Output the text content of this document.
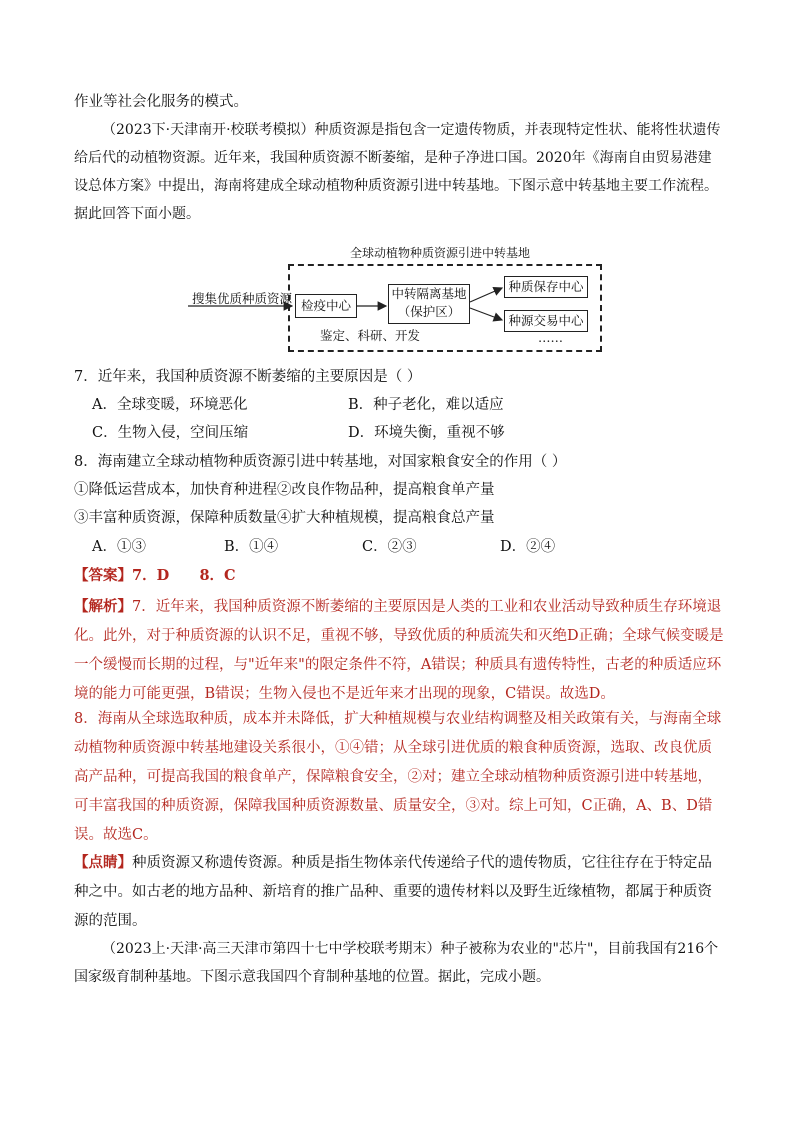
作业等社会化服务的模式。

（2023下·天津南开·校联考模拟）种质资源是指包含一定遗传物质，并表现特定性状、能将性状遗传给后代的动植物资源。近年来，我国种质资源不断萎缩，是种子净进口国。2020年《海南自由贸易港建设总体方案》中提出，海南将建成全球动植物种质资源引进中转基地。下图示意中转基地主要工作流程。据此回答下面小题。

全球动植物种质资源引进中转基地
搜集优质种质资源 检疫中心
中转隔离基地
（保护区）
种质保存中心
种源交易中心
鉴定、科研、开发	……

7．近年来，我国种质资源不断萎缩的主要原因是（ ）

A．全球变暖，环境恶化	B．种子老化，难以适应
C．生物入侵，空间压缩	D．环境失衡，重视不够

8．海南建立全球动植物种质资源引进中转基地，对国家粮食安全的作用（ ）

①降低运营成本，加快育种进程②改良作物品种，提高粮食单产量

③丰富种质资源，保障种质数量④扩大种植规模，提高粮食总产量

A．①③	B．①④	C．②③	D．②④

【答案】7．D      8．C

【解析】7．近年来，我国种质资源不断萎缩的主要原因是人类的工业和农业活动导致种质生存环境退化。此外，对于种质资源的认识不足，重视不够，导致优质的种质流失和灭绝D正确；全球气候变暖是一个缓慢而长期的过程，与"近年来"的限定条件不符，A错误；种质具有遗传特性，古老的种质适应环境的能力可能更强，B错误；生物入侵也不是近年来才出现的现象，C错误。故选D。

8．海南从全球选取种质，成本并未降低，扩大种植规模与农业结构调整及相关政策有关，与海南全球动植物种质资源中转基地建设关系很小，①④错；从全球引进优质的粮食种质资源，选取、改良优质高产品种，可提高我国的粮食单产，保障粮食安全，②对；建立全球动植物种质资源引进中转基地，可丰富我国的种质资源，保障我国种质资源数量、质量安全，③对。综上可知，C正确，A、B、D错误。故选C。

【点睛】种质资源又称遗传资源。种质是指生物体亲代传递给子代的遗传物质，它往往存在于特定品种之中。如古老的地方品种、新培育的推广品种、重要的遗传材料以及野生近缘植物，都属于种质资源的范围。

（2023上·天津·高三天津市第四十七中学校联考期末）种子被称为农业的"芯片"，目前我国有216个国家级育制种基地。下图示意我国四个育制种基地的位置。据此，完成小题。
